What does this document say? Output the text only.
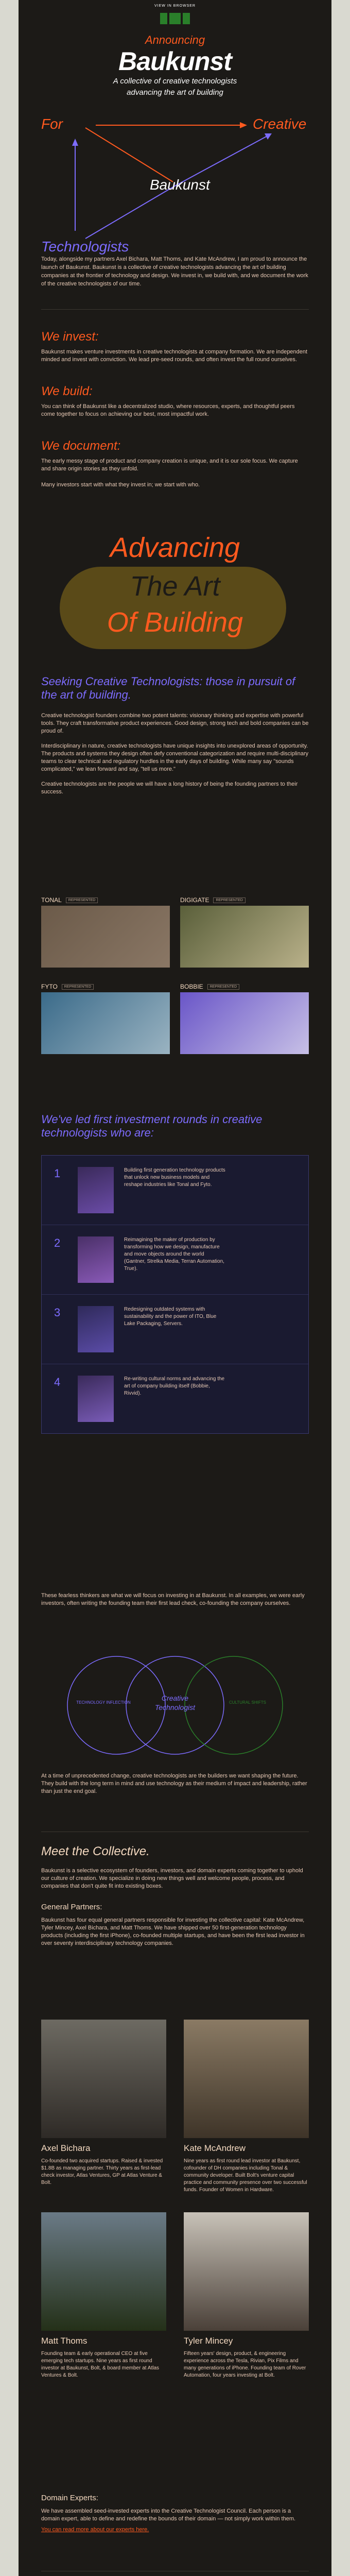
VIEW IN BROWSER
Announcing
Baukunst
A collective of creative technologists
advancing the art of building
For	Creative
Baukunst
Technologists

Today, alongside my partners Axel Bichara, Matt Thoms, and Kate McAndrew, I am proud to announce the launch of Baukunst. Baukunst is a collective of creative technologists advancing the art of building companies at the frontier of technology and design. We invest in, we build with, and we document the work of the creative technologists of our time.

We invest:
Baukunst makes venture investments in creative technologists at company formation. We are independent minded and invest with conviction. We lead pre-seed rounds, and often invest the full round ourselves.
We build:
You can think of Baukunst like a decentralized studio, where resources, experts, and thoughtful peers come together to focus on achieving our best, most impactful work.
We document:
The early messy stage of product and company creation is unique, and it is our sole focus. We capture and share origin stories as they unfold.
Many investors start with what they invest in; we start with who.
Advancing
The Art
Of Building
Seeking Creative Technologists: those in pursuit of the art of building.
Creative technologist founders combine two potent talents: visionary thinking and expertise with powerful tools. They craft transformative product experiences. Good design, strong tech and bold companies can be proud of.
Interdisciplinary in nature, creative technologists have unique insights into unexplored areas of opportunity. The products and systems they design often defy conventional categorization and require multi-disciplinary teams to clear technical and regulatory hurdles in the early days of building. While many say "sounds complicated," we lean forward and say, "tell us more."
Creative technologists are the people we will have a long history of being the founding partners to their success.
TONAL	REPRESENTED	DIGIGATE	REPRESENTED
FYTO	REPRESENTED	BOBBIE	REPRESENTED
We've led first investment rounds in creative technologists who are:
1	Building first generation technology products that unlock new business models and reshape industries like Tonal and Fyto.
2	Reimagining the maker of production by transforming how we design, manufacture and move objects around the world (Gantner, Strelka Media, Terran Automation, True).
3	Redesigning outdated systems with sustainability and the power of ITO, Blue Lake Packaging, Servers.
4	Re-writing cultural norms and advancing the art of company building itself (Bobbie, Rivvid).
These fearless thinkers are what we will focus on investing in at Baukunst. In all examples, we were early investors, often writing the founding team their first lead check, co-founding the company ourselves.
TECHNOLOGY INFLECTION
Creative
Technologist
CULTURAL SHIFTS
At a time of unprecedented change, creative technologists are the builders we want shaping the future. They build with the long term in mind and use technology as their medium of impact and leadership, rather than just the end goal.
Meet the Collective.
Baukunst is a selective ecosystem of founders, investors, and domain experts coming together to uphold our culture of creation. We specialize in doing new things well and welcome people, process, and companies that don't quite fit into existing boxes.
General Partners:
Baukunst has four equal general partners responsible for investing the collective capital: Kate McAndrew, Tyler Mincey, Axel Bichara, and Matt Thoms. We have shipped over 50 first-generation technology products (including the first iPhone), co-founded multiple startups, and have been the first lead investor in over seventy interdisciplinary technology companies.
Axel Bichara
Co-founded two acquired startups. Raised & invested $1.8B as managing partner. Thirty years as first-lead check investor, Atlas Ventures, GP at Atlas Venture & Bolt.
Kate McAndrew
Nine years as first round lead investor at Baukunst, cofounder of DH companies including Tonal & community developer. Built Bolt's venture capital practice and community presence over two successful funds. Founder of Women in Hardware.
Matt Thoms
Founding team & early operational CEO at five emerging tech startups. Nine years as first round investor at Baukunst, Bolt, & board member at Atlas Ventures & Bolt.
Tyler Mincey
Fifteen years' design, product, & engineering experience across the Tesla, Rivian, Pix Films and many generations of iPhone. Founding team of Rover Automation, four years investing at Bolt.
Domain Experts:
We have assembled seed-invested experts into the Creative Technologist Council. Each person is a domain expert, able to define and redefine the bounds of their domain — not simply work within them.
You can read more about our experts here.
